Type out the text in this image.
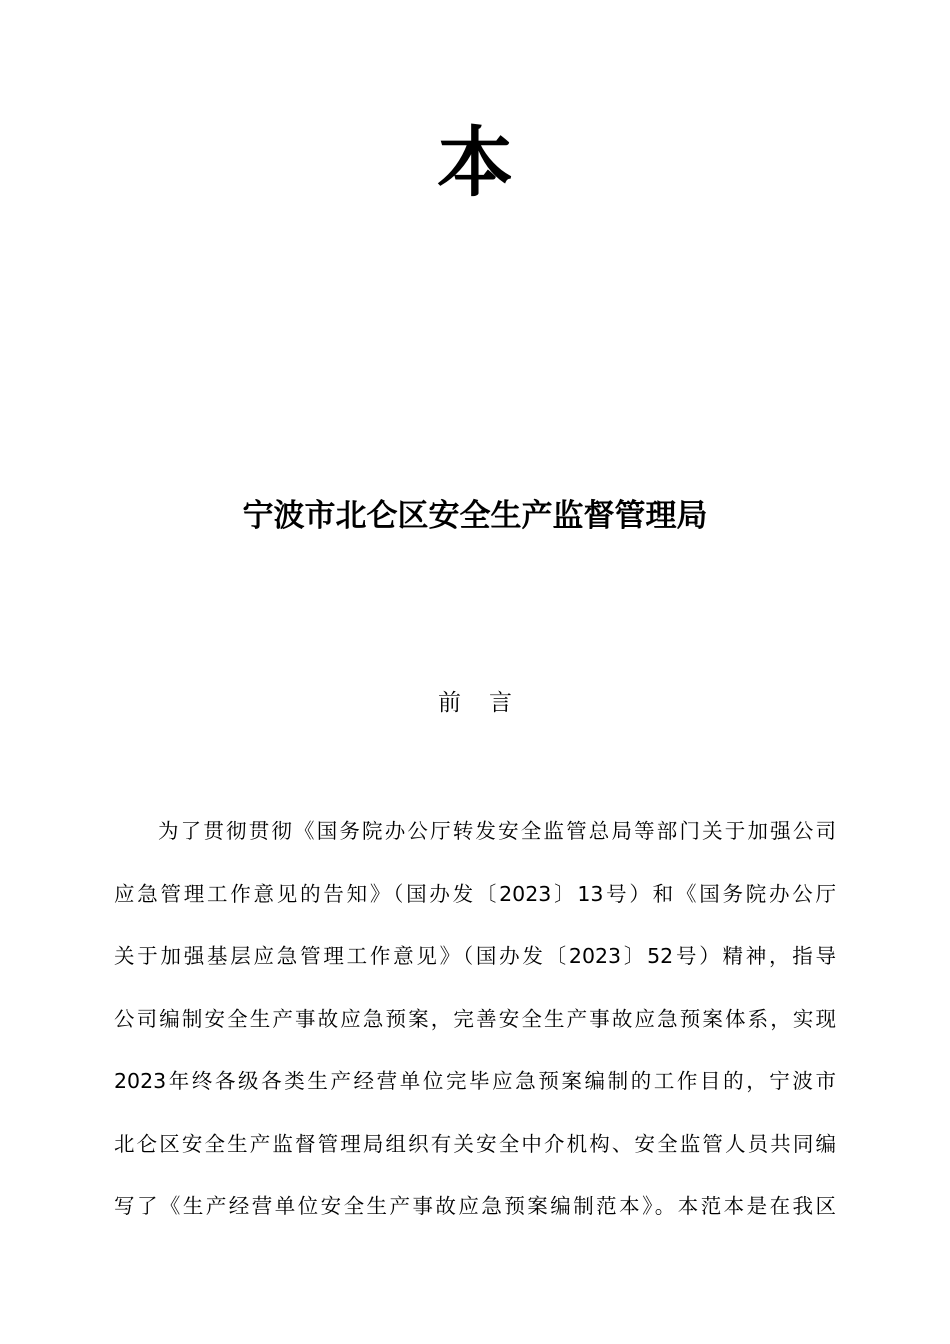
本
宁波市北仑区安全生产监督管理局
前言
为了贯彻贯彻《国务院办公厅转发安全监管总局等部门关于加强公司
应急管理工作意见的告知》（国办发〔2023〕13号）和《国务院办公厅
关于加强基层应急管理工作意见》（国办发〔2023〕52号）精神，指导
公司编制安全生产事故应急预案，完善安全生产事故应急预案体系，实现
2023年终各级各类生产经营单位完毕应急预案编制的工作目的，宁波市
北仑区安全生产监督管理局组织有关安全中介机构、安全监管人员共同编
写了《生产经营单位安全生产事故应急预案编制范本》。本范本是在我区
